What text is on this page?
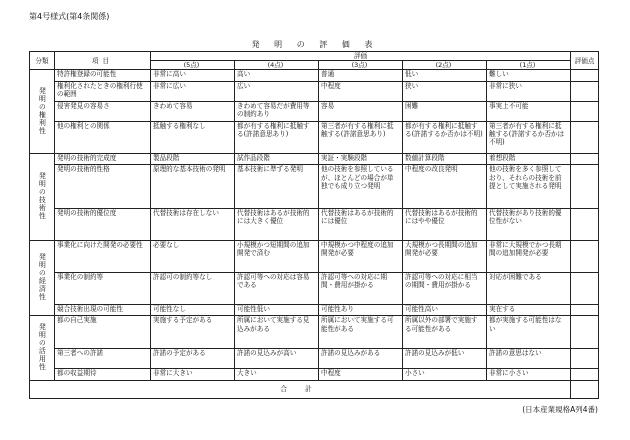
第4号様式(第4条関係)
発 明 の 評 価 表
分類	項目	評価					評価点
		(5点)	(4点)	(3点)	(2点)	(1点)	
発明の権利性	特許権登録の可能性	非常に高い	高い	普通	低い	難しい	
	権利化されたときの権利行使の範囲	非常に広い	広い	中程度	狭い	非常に狭い	
	侵害発見の容易さ	きわめて容易	きわめて容易だが費用等の制約あり	容易	困難	事実上不可能	
	他の権利との関係	抵触する権利なし	都が有する権利に抵触する(許諾意思あり)	第三者が有する権利に抵触する(許諾意思あり)	都が有する権利に抵触する(許諾するか否かは不明)	第三者が有する権利に抵触する(許諾するか否かは不明)	
発明の技術性	発明の技術的完成度	製品段階	試作品段階	実証・実験段階	数値計算段階	着想段階	
	発明の技術的性格	原理的な基本技術の発明	基本技術に準ずる発明	他の技術を参照しているが、ほとんどの場合が単独でも成り立つ発明	中程度の改良発明	他の技術を多く参照しており、それらの技術を前提として実施される発明	
	発明の技術的優位度	代替技術は存在しない	代替技術はあるが技術的には大きく優位	代替技術はあるが技術的には優位	代替技術はあるが技術的にはやや優位	代替技術があり技術的優位性がない	
発明の経済性	事業化に向けた開発の必要性	必要なし	小規模かつ短期間の追加開発で済む	中規模かつ中程度の追加開発が必要	大規模かつ長期間の追加開発が必要	非常に大規模でかつ長期間の追加開発が必要	
	事業化の制約等	許認可の制約等なし	許認可等への対応は容易である	許認可等への対応に期間・費用が掛かる	許認可等への対応に相当の期間・費用が掛かる	対応が困難である	
	競合技術出現の可能性	可能性なし	可能性低い	可能性あり	可能性高い	実在する	
発明の活用性	都の自己実施	実施する予定がある	所属において実施する見込みがある	所属において実施する可能性がある	所属以外の部署で実施する可能性がある	都が実施する可能性はない	
	第三者への許諾	許諾の予定がある	許諾の見込みが高い	許諾の見込みがある	許諾の見込みが低い	許諾の意思はない	
	都の収益期待	非常に大きい	大きい	中程度	小さい	非常に小さい	
合 計							
(日本産業規格A列4番)
